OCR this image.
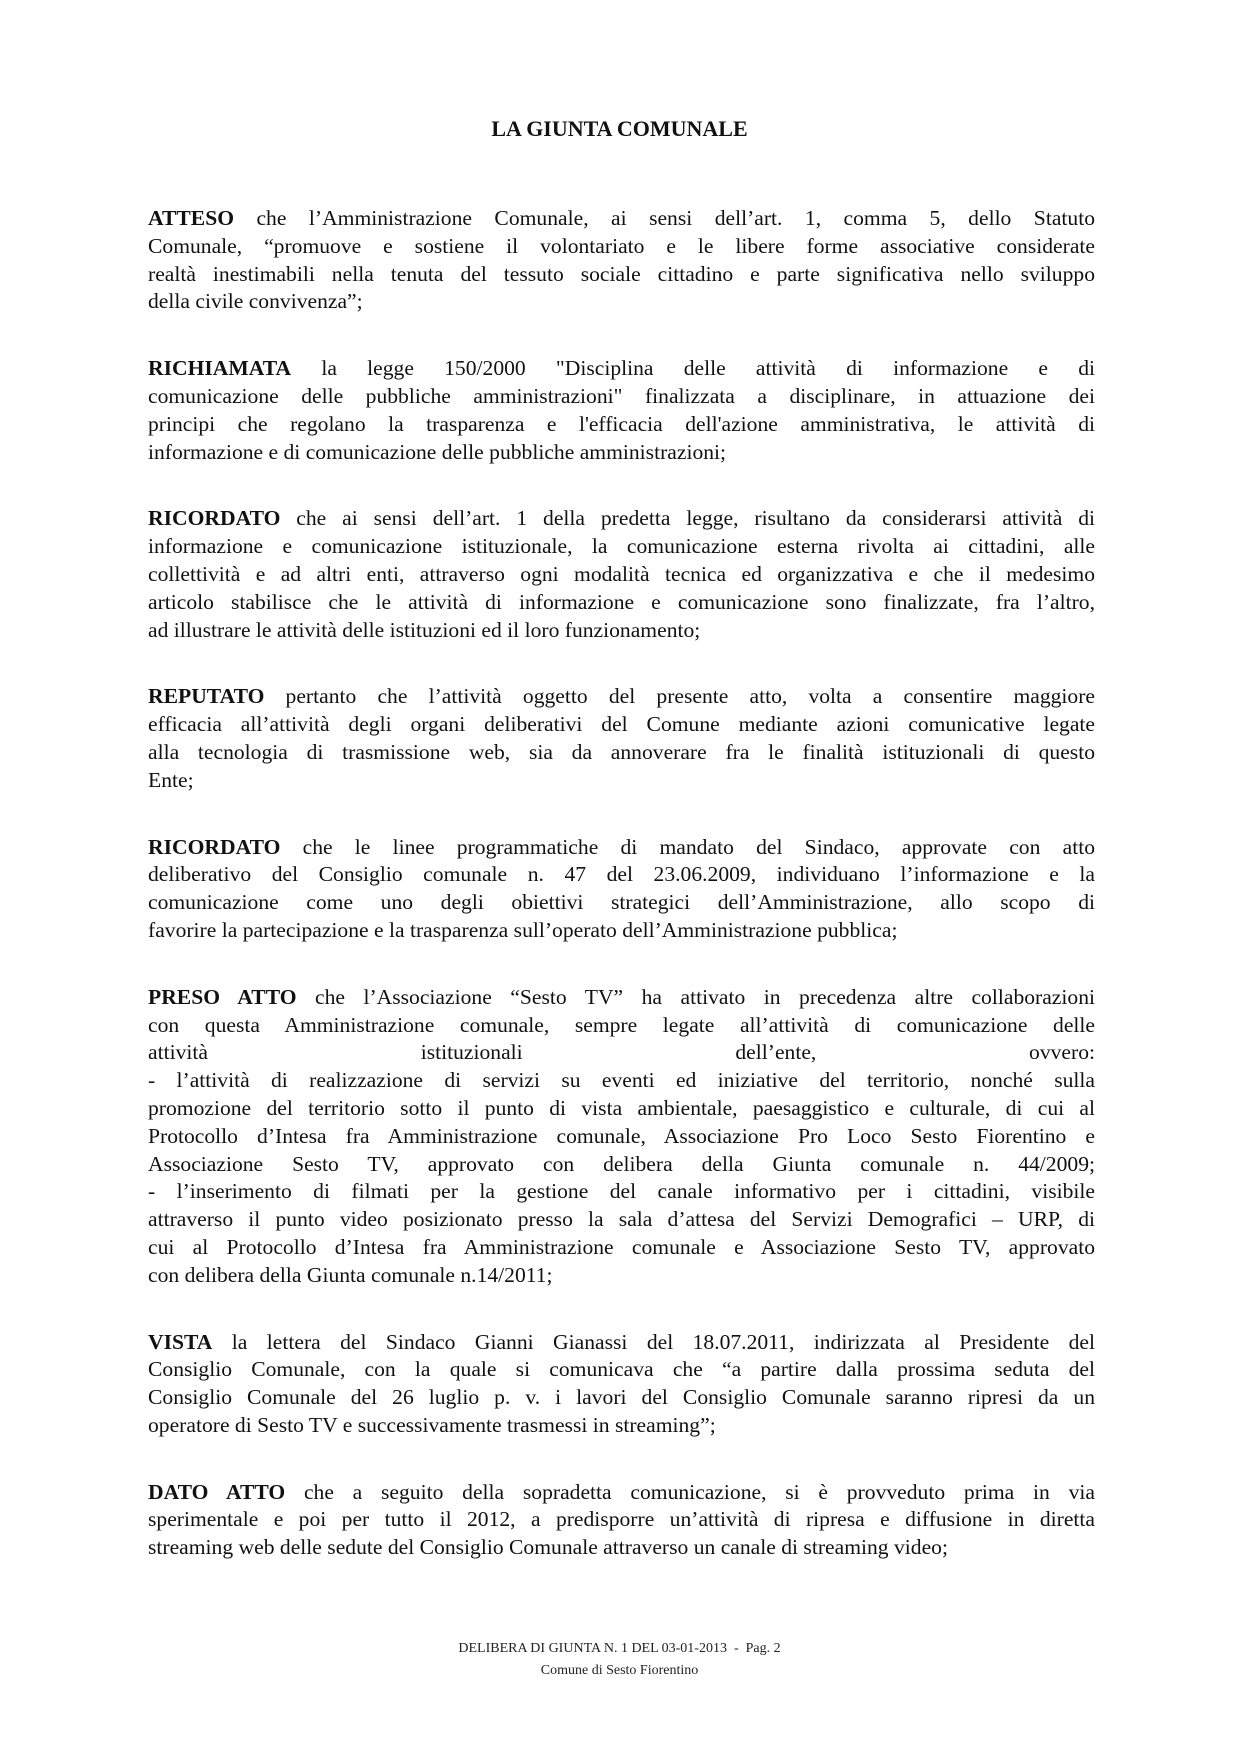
LA GIUNTA COMUNALE
ATTESO che l’Amministrazione Comunale, ai sensi dell’art. 1, comma 5, dello Statuto
Comunale, “promuove e sostiene il volontariato e le libere forme associative considerate
realtà inestimabili nella tenuta del tessuto sociale cittadino e parte significativa nello sviluppo
della civile convivenza”;
RICHIAMATA la legge 150/2000 "Disciplina delle attività di informazione e di
comunicazione delle pubbliche amministrazioni" finalizzata a disciplinare, in attuazione dei
principi che regolano la trasparenza e l'efficacia dell'azione amministrativa, le attività di
informazione e di comunicazione delle pubbliche amministrazioni;
RICORDATO che ai sensi dell’art. 1 della predetta legge, risultano da considerarsi attività di
informazione e comunicazione istituzionale, la comunicazione esterna rivolta ai cittadini, alle
collettività e ad altri enti, attraverso ogni modalità tecnica ed organizzativa e che il medesimo
articolo stabilisce che le attività di informazione e comunicazione sono finalizzate, fra l’altro,
ad illustrare le attività delle istituzioni ed il loro funzionamento;
REPUTATO pertanto che l’attività oggetto del presente atto, volta a consentire maggiore
efficacia all’attività degli organi deliberativi del Comune mediante azioni comunicative legate
alla tecnologia di trasmissione web, sia da annoverare fra le finalità istituzionali di questo
Ente;
RICORDATO che le linee programmatiche di mandato del Sindaco, approvate con atto
deliberativo del Consiglio comunale n. 47 del 23.06.2009, individuano l’informazione e la
comunicazione come uno degli obiettivi strategici dell’Amministrazione, allo scopo di
favorire la partecipazione e la trasparenza sull’operato dell’Amministrazione pubblica;
PRESO ATTO che l’Associazione “Sesto TV” ha attivato in precedenza altre collaborazioni
con questa Amministrazione comunale, sempre legate all’attività di comunicazione delle
attività istituzionali dell’ente, ovvero:
- l’attività di realizzazione di servizi su eventi ed iniziative del territorio, nonché sulla
promozione del territorio sotto il punto di vista ambientale, paesaggistico e culturale, di cui al
Protocollo d’Intesa fra Amministrazione comunale, Associazione Pro Loco Sesto Fiorentino e
Associazione Sesto TV, approvato con delibera della Giunta comunale n. 44/2009;
- l’inserimento di filmati per la gestione del canale informativo per i cittadini, visibile
attraverso il punto video posizionato presso la sala d’attesa del Servizi Demografici – URP, di
cui al Protocollo d’Intesa fra Amministrazione comunale e Associazione Sesto TV, approvato
con delibera della Giunta comunale n.14/2011;
VISTA la lettera del Sindaco Gianni Gianassi del 18.07.2011, indirizzata al Presidente del
Consiglio Comunale, con la quale si comunicava che “a partire dalla prossima seduta del
Consiglio Comunale del 26 luglio p. v. i lavori del Consiglio Comunale saranno ripresi da un
operatore di Sesto TV e successivamente trasmessi in streaming”;
DATO ATTO che a seguito della sopradetta comunicazione, si è provveduto prima in via
sperimentale e poi per tutto il 2012, a predisporre un’attività di ripresa e diffusione in diretta
streaming web delle sedute del Consiglio Comunale attraverso un canale di streaming video;
DELIBERA DI GIUNTA N. 1 DEL 03-01-2013  -  Pag. 2
Comune di Sesto Fiorentino
